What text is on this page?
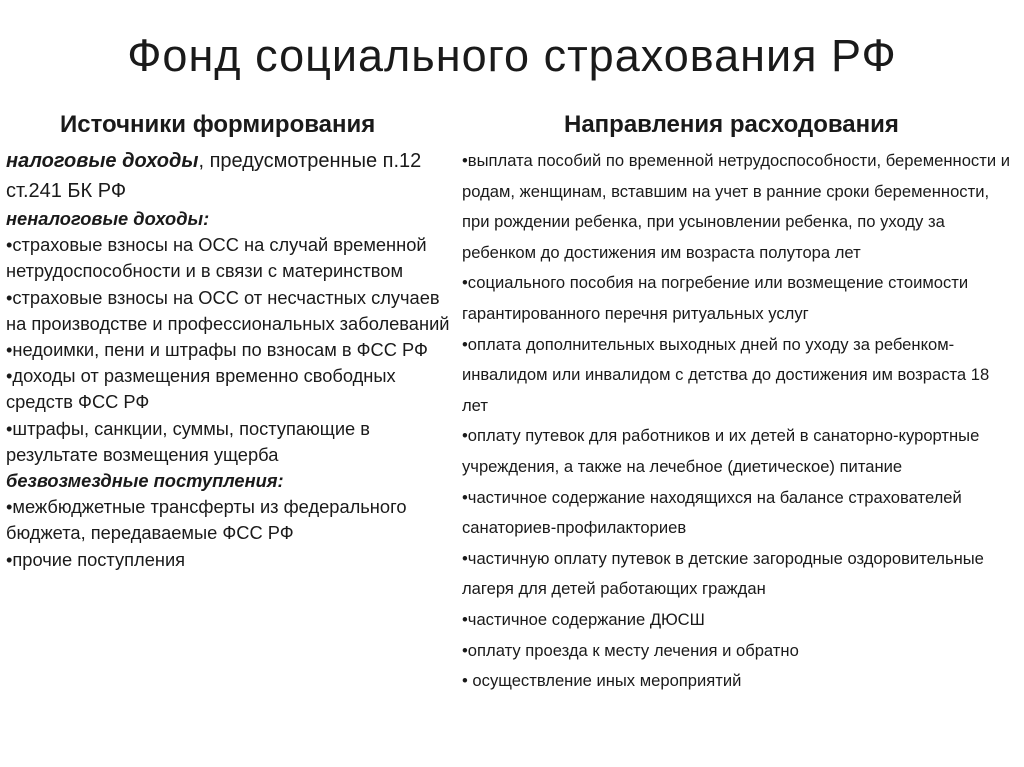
Фонд социального страхования РФ
Источники формирования
налоговые доходы, предусмотренные п.12 ст.241 БК РФ
неналоговые доходы:
•страховые взносы на ОСС на случай временной нетрудоспособности и в связи с материнством
•страховые взносы на ОСС от несчастных случаев на производстве и профессиональных заболеваний
•недоимки, пени и штрафы по взносам в ФСС РФ
•доходы от размещения временно свободных средств ФСС РФ
•штрафы, санкции, суммы, поступающие в результате возмещения ущерба
безвозмездные поступления:
•межбюджетные трансферты из федерального бюджета, передаваемые ФСС РФ
•прочие поступления
Направления расходования
•выплата пособий по временной нетрудоспособности, беременности и родам, женщинам, вставшим на учет в ранние сроки беременности, при рождении ребенка, при усыновлении ребенка, по уходу за ребенком до достижения им возраста полутора лет
•социального пособия на погребение или возмещение стоимости гарантированного перечня ритуальных услуг
•оплата дополнительных выходных дней по уходу за ребенком-инвалидом или инвалидом с детства до достижения им возраста 18 лет
•оплату путевок для работников и их детей в санаторно-курортные учреждения, а также на лечебное (диетическое) питание
•частичное содержание находящихся на балансе страхователей санаториев-профилакториев
•частичную оплату путевок в детские загородные оздоровительные лагеря для детей работающих граждан
•частичное содержание ДЮСШ
•оплату проезда к месту лечения и обратно
• осуществление иных мероприятий
